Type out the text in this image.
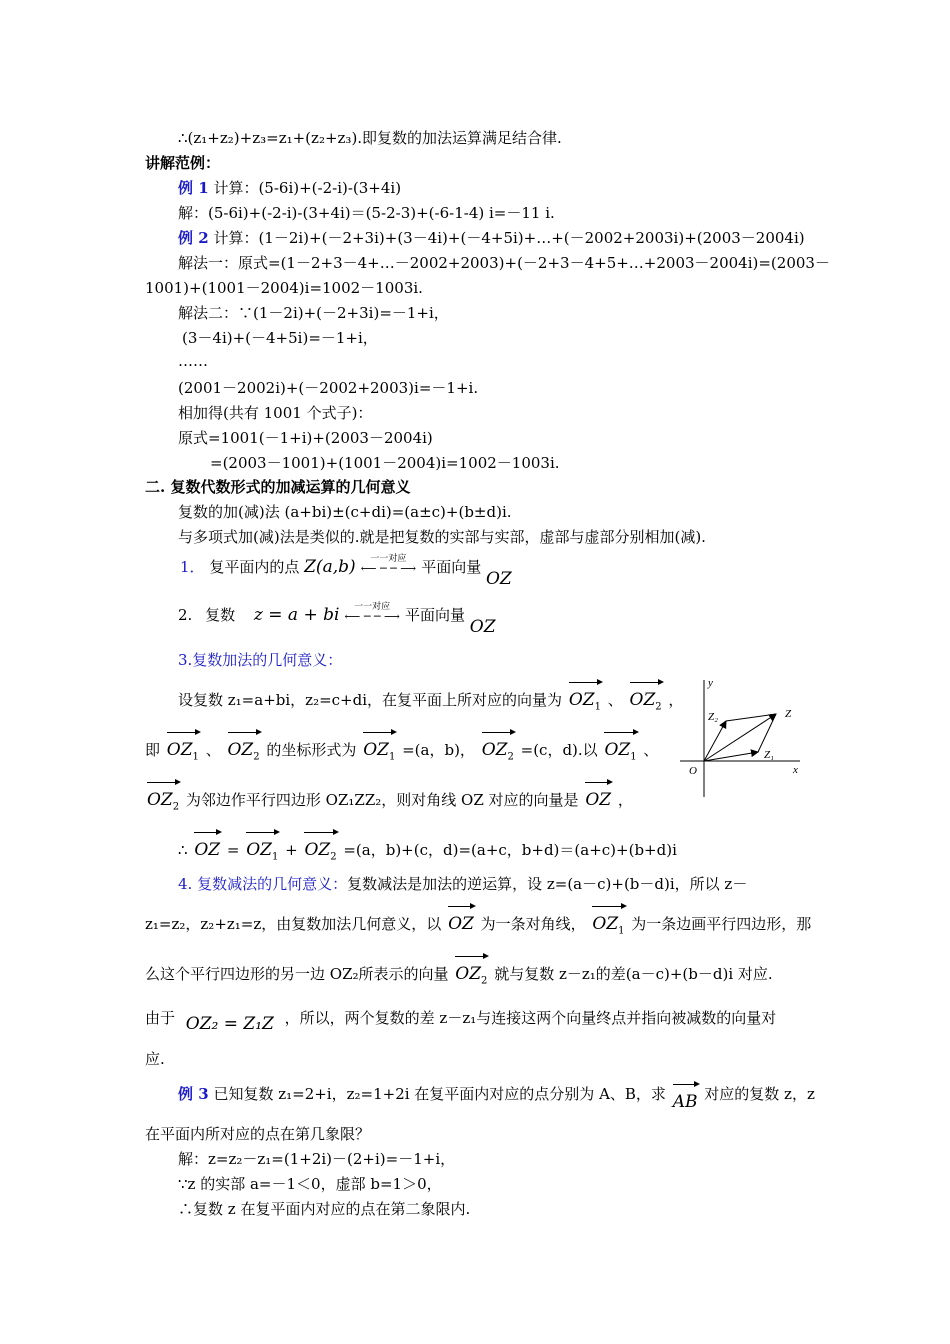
∴(z₁+z₂)+z₃=z₁+(z₂+z₃).即复数的加法运算满足结合律.
讲解范例：
例 1 计算：(5-6i)+(-2-i)-(3+4i)
解：(5-6i)+(-2-i)-(3+4i)＝(5-2-3)+(-6-1-4) i=－11 i.
例 2 计算：(1－2i)+(－2+3i)+(3－4i)+(－4+5i)+…+(－2002+2003i)+(2003－2004i)
解法一：原式=(1－2+3－4+…－2002+2003)+(－2+3－4+5+…+2003－2004i)=(2003－
1001)+(1001－2004)i=1002－1003i.
解法二：∵(1－2i)+(－2+3i)=－1+i，
(3－4i)+(－4+5i)=－1+i，
……
(2001－2002i)+(－2002+2003)i=－1+i.
相加得(共有 1001 个式子)：
原式=1001(－1+i)+(2003－2004i)
=(2003－1001)+(1001－2004)i=1002－1003i.
二. 复数代数形式的加减运算的几何意义
复数的加(减)法 (a+bi)±(c+di)=(a±c)+(b±d)i.
与多项式加(减)法是类似的.就是把复数的实部与实部，虚部与虚部分别相加(减).
1． 复平面内的点 Z(a,b)	一一对应
⟵ ─ ─ ⟶ 平面向量 OZ
2. 复数 z = a + bi	一一对应
⟵ ─ ─ ⟶ 平面向量 OZ
3.复数加法的几何意义：
设复数 z₁=a+bi，z₂=c+di，在复平面上所对应的向量为 $OZ_1$ 、 $OZ_2$ ，
即 $OZ_1$ 、 $OZ_2$ 的坐标形式为 $OZ_1 =(a$，b)， $OZ_2 =(c$，d).以 $OZ_1$ 、
$OZ_2$ 为邻边作平行四边形 OZ₁ZZ₂，则对角线 OZ 对应的向量是 OZ ，
∴ OZ = $OZ_1 + OZ_2 =(a$，b)+(c，d)=(a+c，b+d)＝(a+c)+(b+d)i
4. 复数减法的几何意义：复数减法是加法的逆运算，设 z=(a－c)+(b－d)i，所以 z－
z₁=z₂，z₂+z₁=z，由复数加法几何意义，以 OZ 为一条对角线， $OZ_1$ 为一条边画平行四边形，那
么这个平行四边形的另一边 OZ₂所表示的向量 $OZ_2$ 就与复数 z－z₁的差(a－c)+(b－d)i 对应.
由于 OZ₂ = Z₁Z ，所以，两个复数的差 z－z₁与连接这两个向量终点并指向被减数的向量对
应.
例 3 已知复数 z₁=2+i，z₂=1+2i 在复平面内对应的点分别为 A、B，求 AB 对应的复数 z，z
在平面内所对应的点在第几象限？
解：z=z₂－z₁=(1+2i)－(2+i)=－1+i，
∵z 的实部 a=－1＜0，虚部 b=1＞0，
∴复数 z 在复平面内对应的点在第二象限内.
y
x
O
Z
Z₁
Z₂
